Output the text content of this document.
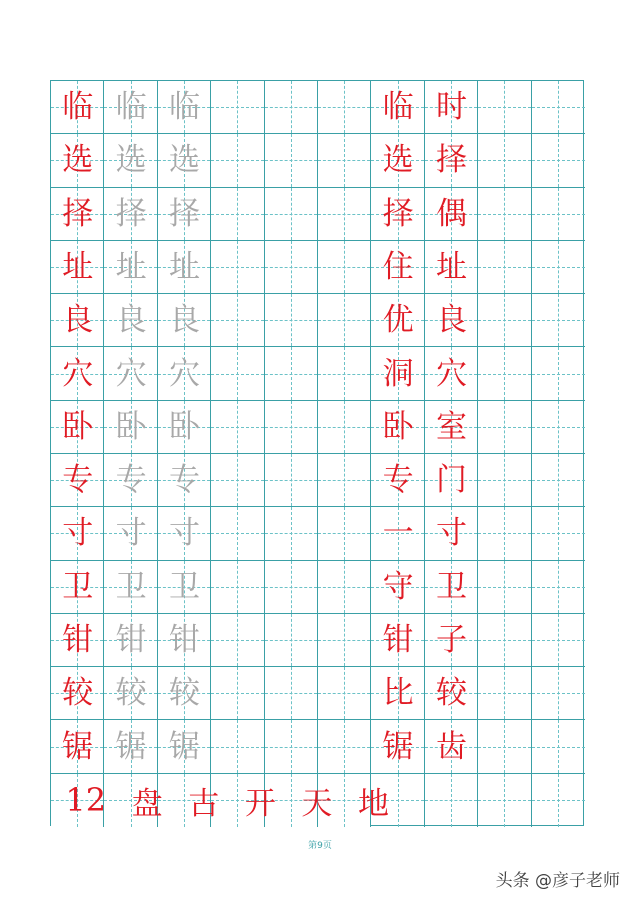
临 临 临
选 选 选
择 择 择
址 址 址
良 良 良
穴 穴 穴
卧 卧 卧
专 专 专
寸 寸 寸
卫 卫 卫
钳 钳 钳
较 较 较
锯 锯 锯
临
选
择
住
优
洞
卧
专
一
守
钳
比
锯
时
择
偶
址
良
穴
室
门
寸
卫
子
较
齿
12 盘 古 开 天 地
第9页
头条 @彦子老师
